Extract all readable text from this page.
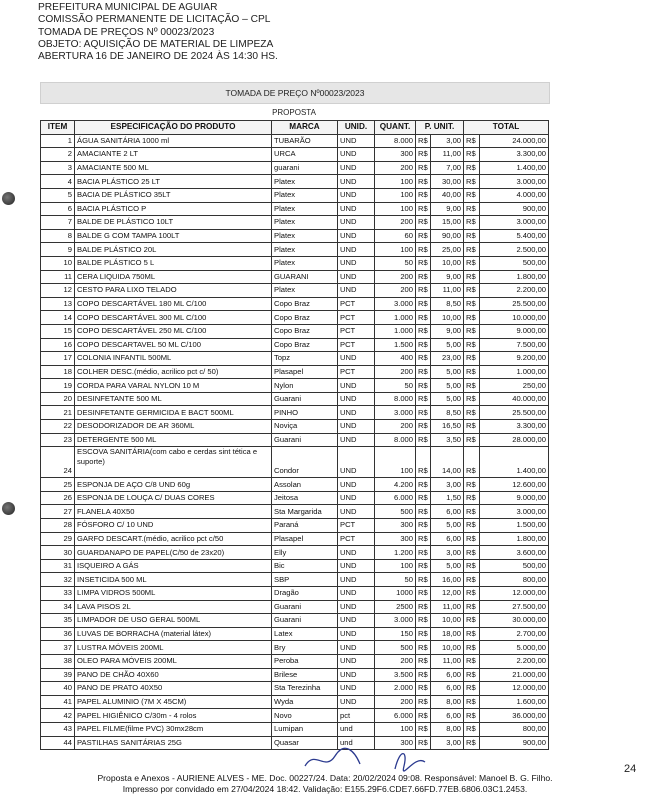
PREFEITURA MUNICIPAL DE AGUIAR
COMISSÃO PERMANENTE DE LICITAÇÃO – CPL
TOMADA DE PREÇOS Nº 00023/2023
OBJETO: AQUISIÇÃO DE MATERIAL DE LIMPEZA
ABERTURA 16 DE JANEIRO DE 2024 ÀS 14:30 HS.
TOMADA DE PREÇO Nº00023/2023
PROPOSTA
ITEM	ESPECIFICAÇÃO DO PRODUTO	MARCA	UNID.	QUANT.	P. UNIT.		TOTAL	
1	ÁGUA SANITÁRIA 1000 ml	TUBARÃO	UND	8.000	R$	3,00	R$	24.000,00
2	AMACIANTE 2 LT	URCA	UND	300	R$	11,00	R$	3.300,00
3	AMACIANTE 500 ML	guarani	UND	200	R$	7,00	R$	1.400,00
4	BACIA PLÁSTICO 25 LT	Platex	UND	100	R$	30,00	R$	3.000,00
5	BACIA DE PLÁSTICO 35LT	Platex	UND	100	R$	40,00	R$	4.000,00
6	BACIA PLÁSTICO P	Platex	UND	100	R$	9,00	R$	900,00
7	BALDE DE PLÁSTICO 10LT	Platex	UND	200	R$	15,00	R$	3.000,00
8	BALDE G COM TAMPA 100LT	Platex	UND	60	R$	90,00	R$	5.400,00
9	BALDE PLÁSTICO 20L	Platex	UND	100	R$	25,00	R$	2.500,00
10	BALDE PLÁSTICO 5 L	Platex	UND	50	R$	10,00	R$	500,00
11	CERA LIQUIDA 750ML	GUARANI	UND	200	R$	9,00	R$	1.800,00
12	CESTO PARA LIXO TELADO	Platex	UND	200	R$	11,00	R$	2.200,00
13	COPO DESCARTÁVEL 180 ML C/100	Copo Braz	PCT	3.000	R$	8,50	R$	25.500,00
14	COPO DESCARTÁVEL 300 ML C/100	Copo Braz	PCT	1.000	R$	10,00	R$	10.000,00
15	COPO DESCARTÁVEL 250 ML C/100	Copo Braz	PCT	1.000	R$	9,00	R$	9.000,00
16	COPO DESCARTAVEL 50 ML C/100	Copo Braz	PCT	1.500	R$	5,00	R$	7.500,00
17	COLONIA INFANTIL 500ML	Topz	UND	400	R$	23,00	R$	9.200,00
18	COLHER DESC.(médio, acrilico pct c/ 50)	Plasapel	PCT	200	R$	5,00	R$	1.000,00
19	CORDA PARA VARAL NYLON 10 M	Nylon	UND	50	R$	5,00	R$	250,00
20	DESINFETANTE 500 ML	Guarani	UND	8.000	R$	5,00	R$	40.000,00
21	DESINFETANTE GERMICIDA E BACT 500ML	PINHO	UND	3.000	R$	8,50	R$	25.500,00
22	DESODORIZADOR DE AR 360ML	Noviça	UND	200	R$	16,50	R$	3.300,00
23	DETERGENTE 500 ML	Guarani	UND	8.000	R$	3,50	R$	28.000,00
24	ESCOVA SANITÁRIA(com cabo e cerdas sint tética e suporte)	Condor	UND	100	R$	14,00	R$	1.400,00
25	ESPONJA DE AÇO C/8 UND 60g	Assolan	UND	4.200	R$	3,00	R$	12.600,00
26	ESPONJA DE LOUÇA C/ DUAS CORES	Jeitosa	UND	6.000	R$	1,50	R$	9.000,00
27	FLANELA 40X50	Sta Margarida	UND	500	R$	6,00	R$	3.000,00
28	FÓSFORO C/ 10 UND	Paraná	PCT	300	R$	5,00	R$	1.500,00
29	GARFO DESCART.(médio, acrilico pct c/50	Plasapel	PCT	300	R$	6,00	R$	1.800,00
30	GUARDANAPO DE PAPEL(C/50 de 23x20)	Elly	UND	1.200	R$	3,00	R$	3.600,00
31	ISQUEIRO A GÁS	Bic	UND	100	R$	5,00	R$	500,00
32	INSETICIDA 500 ML	SBP	UND	50	R$	16,00	R$	800,00
33	LIMPA VIDROS 500ML	Dragão	UND	1000	R$	12,00	R$	12.000,00
34	LAVA PISOS 2L	Guarani	UND	2500	R$	11,00	R$	27.500,00
35	LIMPADOR DE USO GERAL 500ML	Guarani	UND	3.000	R$	10,00	R$	30.000,00
36	LUVAS DE BORRACHA (material látex)	Latex	UND	150	R$	18,00	R$	2.700,00
37	LUSTRA MÓVEIS 200ML	Bry	UND	500	R$	10,00	R$	5.000,00
38	OLEO PARA MÓVEIS 200ML	Peroba	UND	200	R$	11,00	R$	2.200,00
39	PANO DE CHÃO 40X60	Brilese	UND	3.500	R$	6,00	R$	21.000,00
40	PANO DE PRATO 40X50	Sta Terezinha	UND	2.000	R$	6,00	R$	12.000,00
41	PAPEL ALUMINIO (7M X 45CM)	Wyda	UND	200	R$	8,00	R$	1.600,00
42	PAPEL HIGIÊNICO C/30m - 4 rolos	Novo	pct	6.000	R$	6,00	R$	36.000,00
43	PAPEL FILME(filme PVC) 30mx28cm	Lumipan	und	100	R$	8,00	R$	800,00
44	PASTILHAS SANITÁRIAS 25G	Quasar	und	300	R$	3,00	R$	900,00
Proposta e Anexos - AURIENE ALVES - ME. Doc. 00227/24. Data: 20/02/2024 09:08. Responsável: Manoel B. G. Filho.
Impresso por convidado em 27/04/2024 18:42. Validação: E155.29F6.CDE7.66FD.77EB.6806.03C1.2453.
24
